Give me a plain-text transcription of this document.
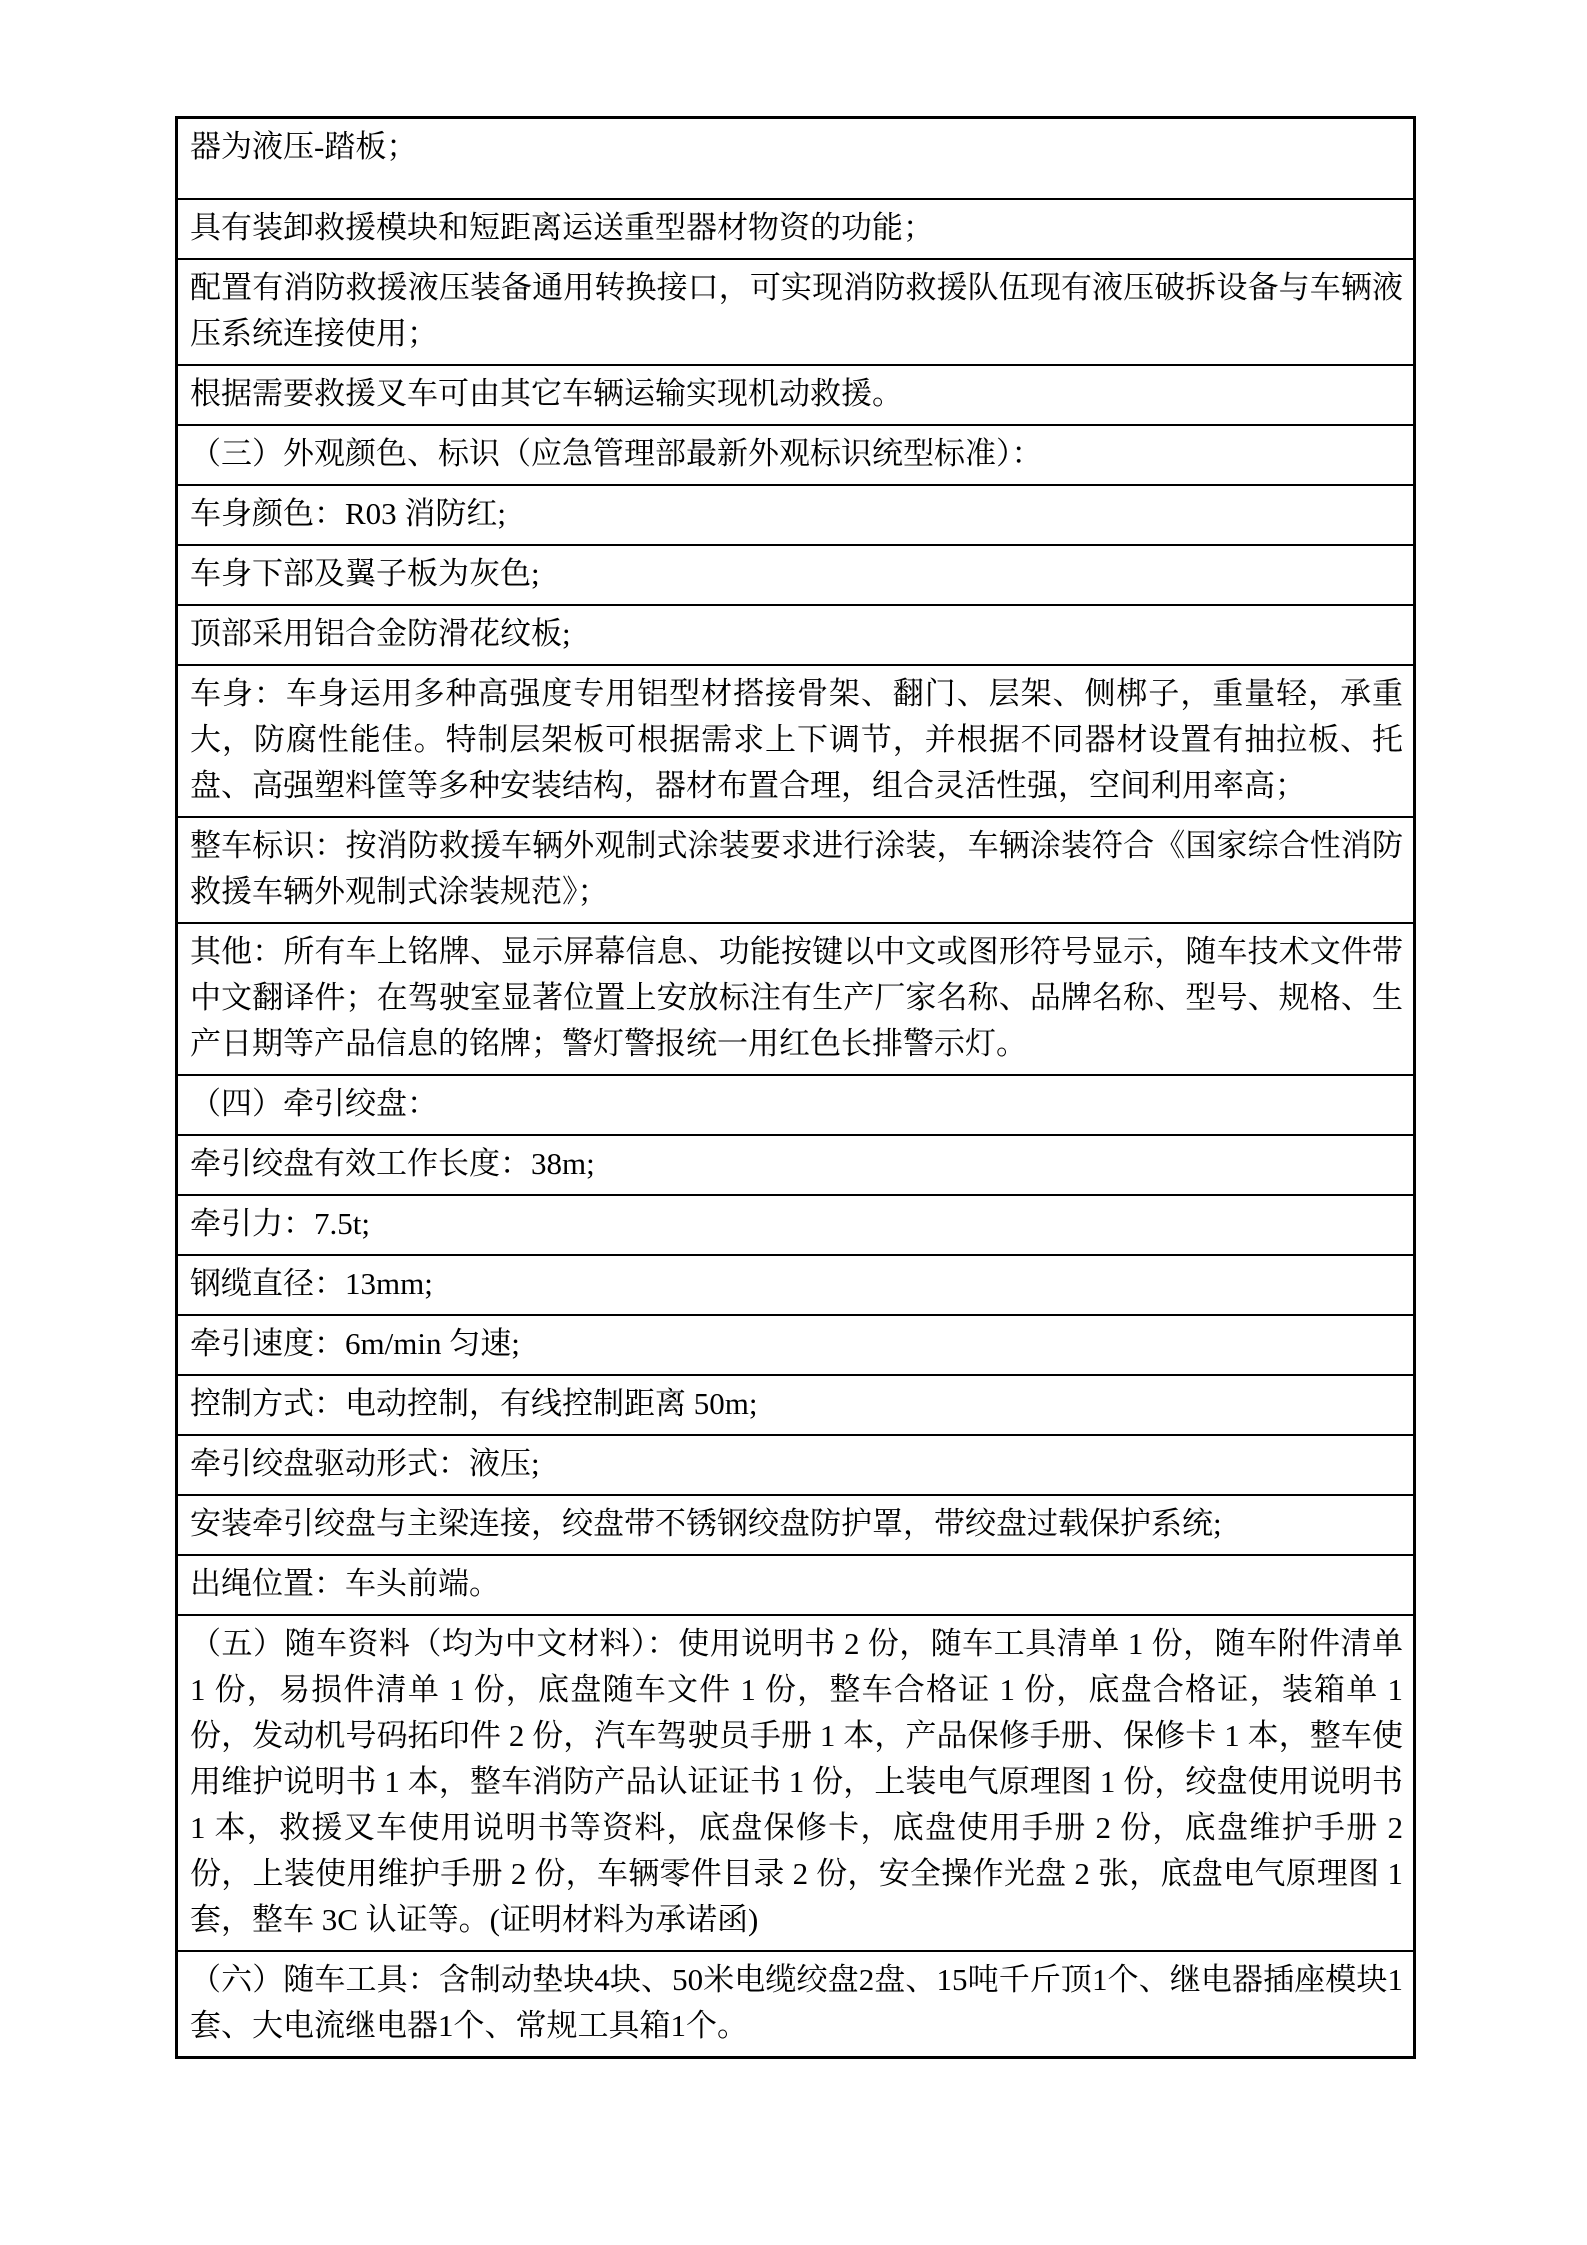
器为液压-踏板；
具有装卸救援模块和短距离运送重型器材物资的功能；
配置有消防救援液压装备通用转换接口，可实现消防救援队伍现有液压破拆设备与车辆液压系统连接使用；
根据需要救援叉车可由其它车辆运输实现机动救援。
（三）外观颜色、标识（应急管理部最新外观标识统型标准）：
车身颜色：R03 消防红;
车身下部及翼子板为灰色;
顶部采用铝合金防滑花纹板;
车身：车身运用多种高强度专用铝型材搭接骨架、翻门、层架、侧梆子，重量轻，承重大，防腐性能佳。特制层架板可根据需求上下调节，并根据不同器材设置有抽拉板、托盘、高强塑料筐等多种安装结构，器材布置合理，组合灵活性强，空间利用率高；
整车标识：按消防救援车辆外观制式涂装要求进行涂装，车辆涂装符合《国家综合性消防救援车辆外观制式涂装规范》；
其他：所有车上铭牌、显示屏幕信息、功能按键以中文或图形符号显示，随车技术文件带中文翻译件；在驾驶室显著位置上安放标注有生产厂家名称、品牌名称、型号、规格、生产日期等产品信息的铭牌；警灯警报统一用红色长排警示灯。
（四）牵引绞盘：
牵引绞盘有效工作长度：38m;
牵引力：7.5t;
钢缆直径：13mm;
牵引速度：6m/min 匀速;
控制方式：电动控制，有线控制距离 50m;
牵引绞盘驱动形式：液压;
安装牵引绞盘与主梁连接，绞盘带不锈钢绞盘防护罩，带绞盘过载保护系统;
出绳位置：车头前端。
（五）随车资料（均为中文材料）：使用说明书 2 份，随车工具清单 1 份，随车附件清单 1 份，易损件清单 1 份，底盘随车文件 1 份，整车合格证 1 份，底盘合格证，装箱单 1 份，发动机号码拓印件 2 份，汽车驾驶员手册 1 本，产品保修手册、保修卡 1 本，整车使用维护说明书 1 本，整车消防产品认证证书 1 份，上装电气原理图 1 份，绞盘使用说明书 1 本，救援叉车使用说明书等资料，底盘保修卡，底盘使用手册 2 份，底盘维护手册 2 份，上装使用维护手册 2 份，车辆零件目录 2 份，安全操作光盘 2 张，底盘电气原理图 1 套，整车 3C 认证等。(证明材料为承诺函)
（六）随车工具：含制动垫块4块、50米电缆绞盘2盘、15吨千斤顶1个、继电器插座模块1套、大电流继电器1个、常规工具箱1个。
